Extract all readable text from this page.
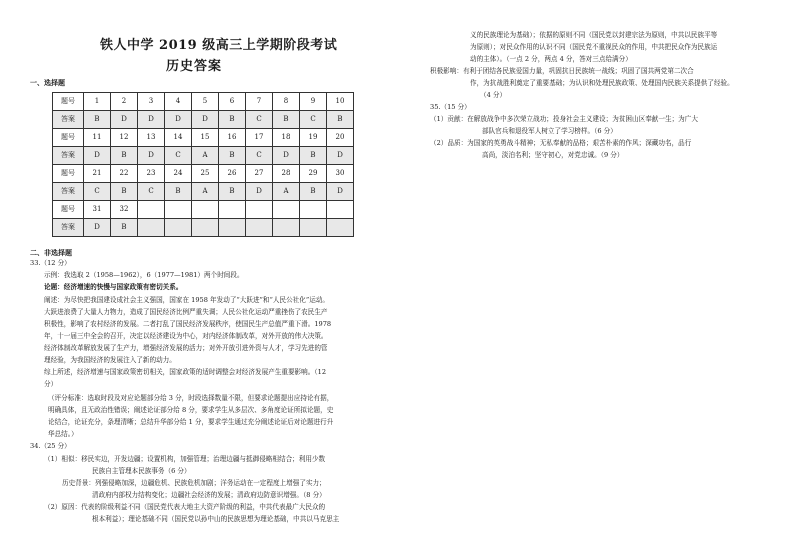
铁人中学 2019 级高三上学期阶段考试
历史答案
一、选择题
题号	1	2	3	4	5	6	7	8	9	10
答案	B	D	D	D	D	B	C	B	C	B
题号	11	12	13	14	15	16	17	18	19	20
答案	D	B	D	C	A	B	C	D	B	D
题号	21	22	23	24	25	26	27	28	29	30
答案	C	B	C	B	A	B	D	A	B	D
题号	31	32								
答案	D	B								
二、非选择题
33.（12 分）
示例：我选取 2（1958—1962），6（1977—1981）两个时间段。
论题：经济增速的快慢与国家政策有密切关系。
阐述：为尽快把我国建设成社会主义强国，国家在 1958 年发动了“大跃进”和“人民公社化”运动。
大跃进浪费了大量人力物力，造成了国民经济比例严重失调；人民公社化运动严重挫伤了农民生产
积极性，影响了农村经济的发展。二者打乱了国民经济发展秩序，使国民生产总值严重下滑。1978
年，十一届三中全会的召开，决定以经济建设为中心，对内经济体制改革，对外开放的伟大决策。
经济体制改革解放发展了生产力，增强经济发展的活力；对外开放引进外资与人才，学习先进的管
理经验，为我国经济的发展注入了新的动力。
综上所述，经济增速与国家政策密切相关，国家政策的适时调整会对经济发展产生重要影响。（12
分）
（评分标准：选取时段及对应论题部分给 3 分，时段选择数量不限，但要求论题提出应持论有据，
明确具体，且无政治性错误；阐述论证部分给 8 分，要求学生从多层次、多角度论证所拟论题，史
论结合，论证充分，条理清晰；总结升华部分给 1 分，要求学生通过充分阐述论证后对论题进行升
华总结。）
34.（25 分）
（1）相似：移民实边，开发边疆；设置机构，加强管理；治理边疆与抵御侵略相结合；利用少数
民族自主管理本民族事务（6 分）
历史背景：列强侵略加深，边疆危机、民族危机加剧；洋务运动在一定程度上增强了实力；
清政府内部权力结构变化；边疆社会经济的发展；清政府边防意识增强。（8 分）
（2）原因：代表的阶级利益不同（国民党代表大地主大资产阶级的利益，中共代表最广大民众的
根本利益）；理论基础不同（国民党以孙中山的民族思想为理论基础，中共以马克思主
义的民族理论为基础）；依据的原则不同（国民党以封建宗法为原则，中共以民族平等
为原则）；对民众作用的认识不同（国民党不重视民众的作用，中共把民众作为民族运
动的主体）。（一点 2 分，两点 4 分，答对三点给满分）
积极影响：有利于团结各民族爱国力量，巩固抗日民族统一战线；巩固了国共两党第二次合
作，为抗战胜利奠定了重要基础；为认识和处理民族政策、处理国内民族关系提供了经验。
（4 分）
35.（15 分）
（1）贡献：在解放战争中多次荣立战功；投身社会主义建设；为贫困山区奉献一生；为广大
部队官兵和退役军人树立了学习榜样。（6 分）
（2）品质：为国家的英勇战斗精神；无私奉献的品格；艰苦朴素的作风；深藏功名，品行
高尚，淡泊名利；坚守初心，对党忠诚。（9 分）
